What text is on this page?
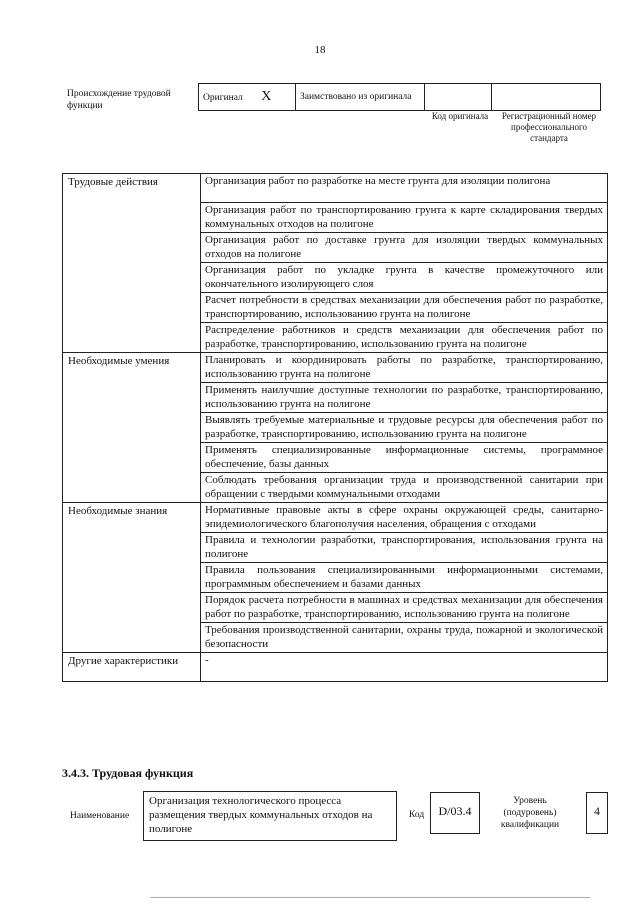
18
Происхождение трудовой функции
Оригинал X	Заимствовано из оригинала		
Код оригинала	Регистрационный номер профессионального стандарта
Трудовые действия	Организация работ по разработке на месте грунта для изоляции полигона
	Организация работ по транспортированию грунта к карте складирования твердых коммунальных отходов на полигоне
	Организация работ по доставке грунта для изоляции твердых коммунальных отходов на полигоне
	Организация работ по укладке грунта в качестве промежуточного или окончательного изолирующего слоя
	Расчет потребности в средствах механизации для обеспечения работ по разработке, транспортированию, использованию грунта на полигоне
	Распределение работников и средств механизации для обеспечения работ по разработке, транспортированию, использованию грунта на полигоне
Необходимые умения	Планировать и координировать работы по разработке, транспортированию, использованию грунта на полигоне
	Применять наилучшие доступные технологии по разработке, транспортированию, использованию грунта на полигоне
	Выявлять требуемые материальные и трудовые ресурсы для обеспечения работ по разработке, транспортированию, использованию грунта на полигоне
	Применять специализированные информационные системы, программное обеспечение, базы данных
	Соблюдать требования организации труда и производственной санитарии при обращении с твердыми коммунальными отходами
Необходимые знания	Нормативные правовые акты в сфере охраны окружающей среды, санитарно-эпидемиологического благополучия населения, обращения с отходами
	Правила и технологии разработки, транспортирования, использования грунта на полигоне
	Правила пользования специализированными информационными системами, программным обеспечением и базами данных
	Порядок расчета потребности в машинах и средствах механизации для обеспечения работ по разработке, транспортированию, использованию грунта на полигоне
	Требования производственной санитарии, охраны труда, пожарной и экологической безопасности
Другие характеристики	-
3.4.3. Трудовая функция
Наименование
Организация технологического процесса размещения твердых коммунальных отходов на полигоне
Код	D/03.4
Уровень (подуровень) квалификации
4
